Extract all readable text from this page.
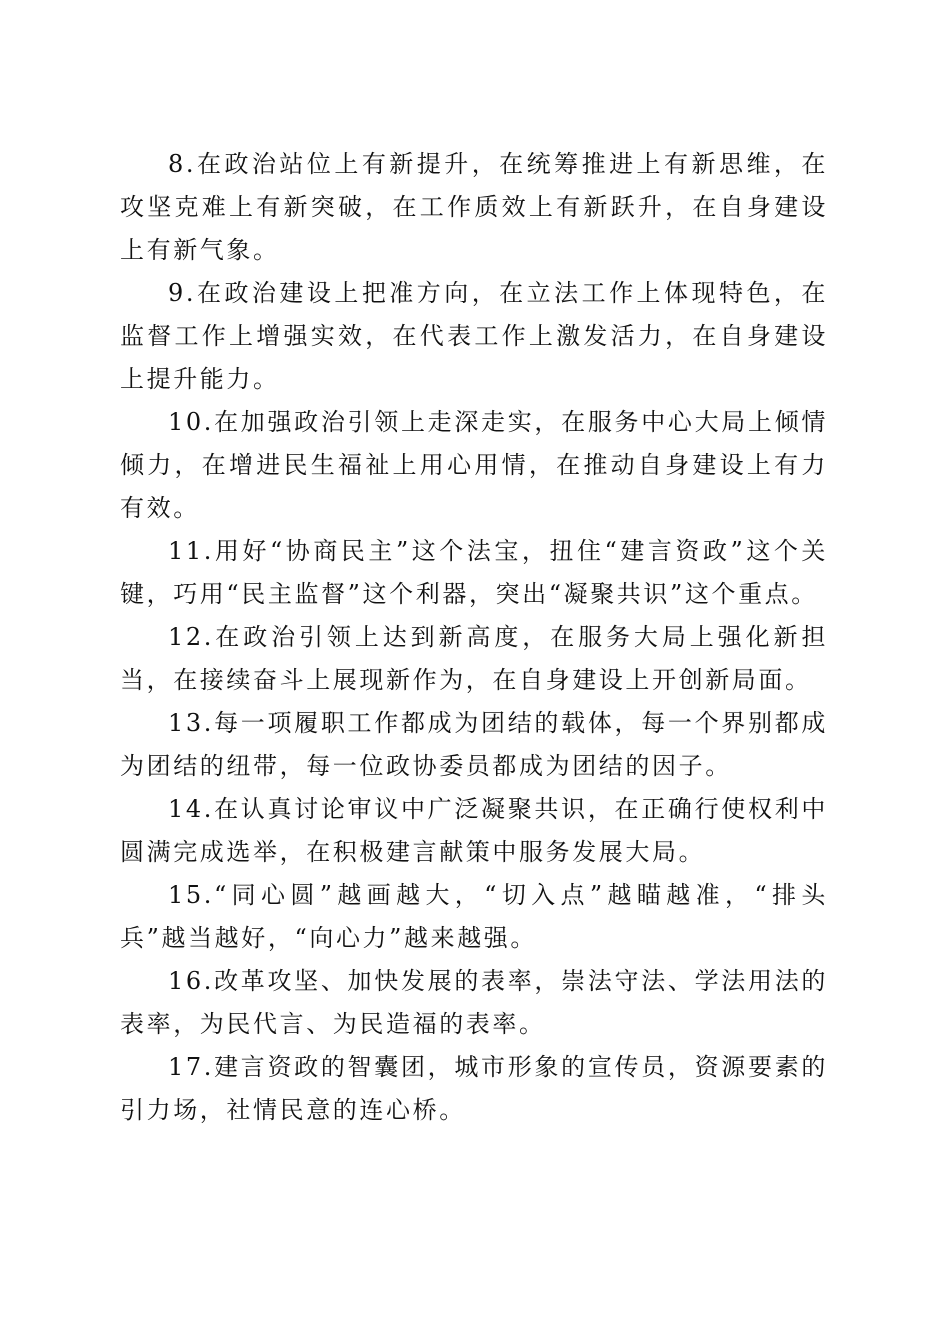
8.在政治站位上有新提升，在统筹推进上有新思维，在攻坚克难上有新突破，在工作质效上有新跃升，在自身建设上有新气象。

9.在政治建设上把准方向，在立法工作上体现特色，在监督工作上增强实效，在代表工作上激发活力，在自身建设上提升能力。

10.在加强政治引领上走深走实，在服务中心大局上倾情倾力，在增进民生福祉上用心用情，在推动自身建设上有力有效。

11.用好“协商民主”这个法宝，扭住“建言资政”这个关键，巧用“民主监督”这个利器，突出“凝聚共识”这个重点。

12.在政治引领上达到新高度，在服务大局上强化新担当，在接续奋斗上展现新作为，在自身建设上开创新局面。

13.每一项履职工作都成为团结的载体，每一个界别都成为团结的纽带，每一位政协委员都成为团结的因子。

14.在认真讨论审议中广泛凝聚共识，在正确行使权利中圆满完成选举，在积极建言献策中服务发展大局。

15.“同心圆”越画越大，“切入点”越瞄越准，“排头兵”越当越好，“向心力”越来越强。

16.改革攻坚、加快发展的表率，崇法守法、学法用法的表率，为民代言、为民造福的表率。

17.建言资政的智囊团，城市形象的宣传员，资源要素的引力场，社情民意的连心桥。
